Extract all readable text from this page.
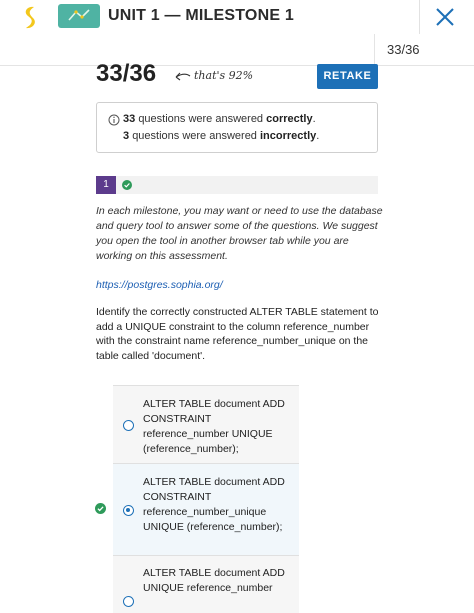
UNIT 1 — MILESTONE 1
33/36
33/36	that's 92%	RETAKE
33 questions were answered correctly.
3 questions were answered incorrectly.
1
In each milestone, you may want or need to use the database and query tool to answer some of the questions. We suggest you open the tool in another browser tab while you are working on this assessment.
https://postgres.sophia.org/
Identify the correctly constructed ALTER TABLE statement to add a UNIQUE constraint to the column reference_number with the constraint name reference_number_unique on the table called 'document'.
ALTER TABLE document ADD CONSTRAINT reference_number UNIQUE (reference_number);
ALTER TABLE document ADD CONSTRAINT reference_number_unique UNIQUE (reference_number);
ALTER TABLE document ADD UNIQUE reference_number
